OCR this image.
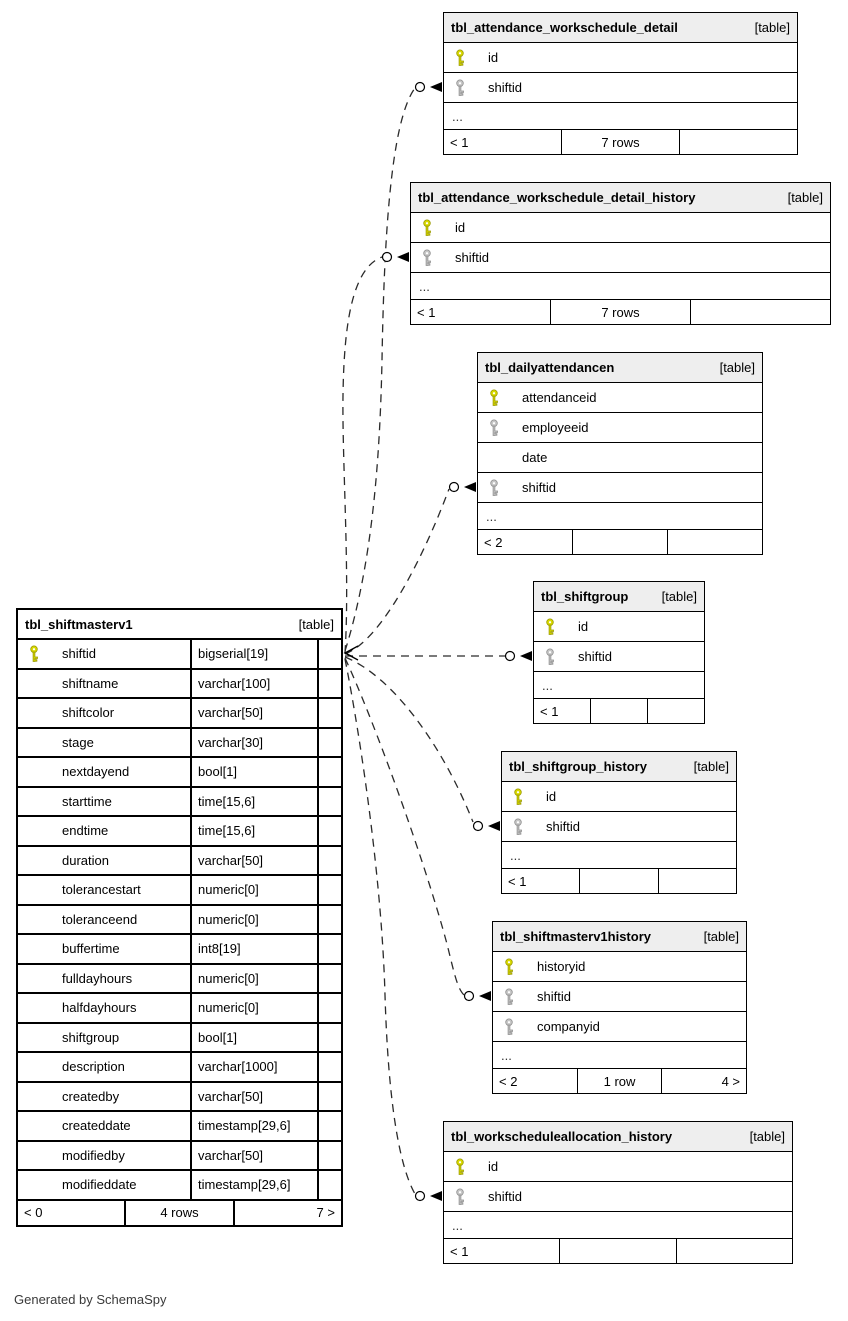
tbl_attendance_workschedule_detail	[table]
id
shiftid
...
< 1	7 rows
tbl_attendance_workschedule_detail_history	[table]
id
shiftid
...
< 1	7 rows
tbl_dailyattendancen	[table]
attendanceid
employeeid
date
shiftid
...
< 2
tbl_shiftgroup	[table]
id
shiftid
...
< 1
tbl_shiftgroup_history	[table]
id
shiftid
...
< 1
tbl_shiftmasterv1history	[table]
historyid
shiftid
companyid
...
< 2	1 row	4 >
tbl_workscheduleallocation_history	[table]
id
shiftid
...
< 1
tbl_shiftmasterv1	[table]
shiftid	bigserial[19]
shiftname	varchar[100]
shiftcolor	varchar[50]
stage	varchar[30]
nextdayend	bool[1]
starttime	time[15,6]
endtime	time[15,6]
duration	varchar[50]
tolerancestart	numeric[0]
toleranceend	numeric[0]
buffertime	int8[19]
fulldayhours	numeric[0]
halfdayhours	numeric[0]
shiftgroup	bool[1]
description	varchar[1000]
createdby	varchar[50]
createddate	timestamp[29,6]
modifiedby	varchar[50]
modifieddate	timestamp[29,6]
< 0	4 rows	7 >
Generated by SchemaSpy
